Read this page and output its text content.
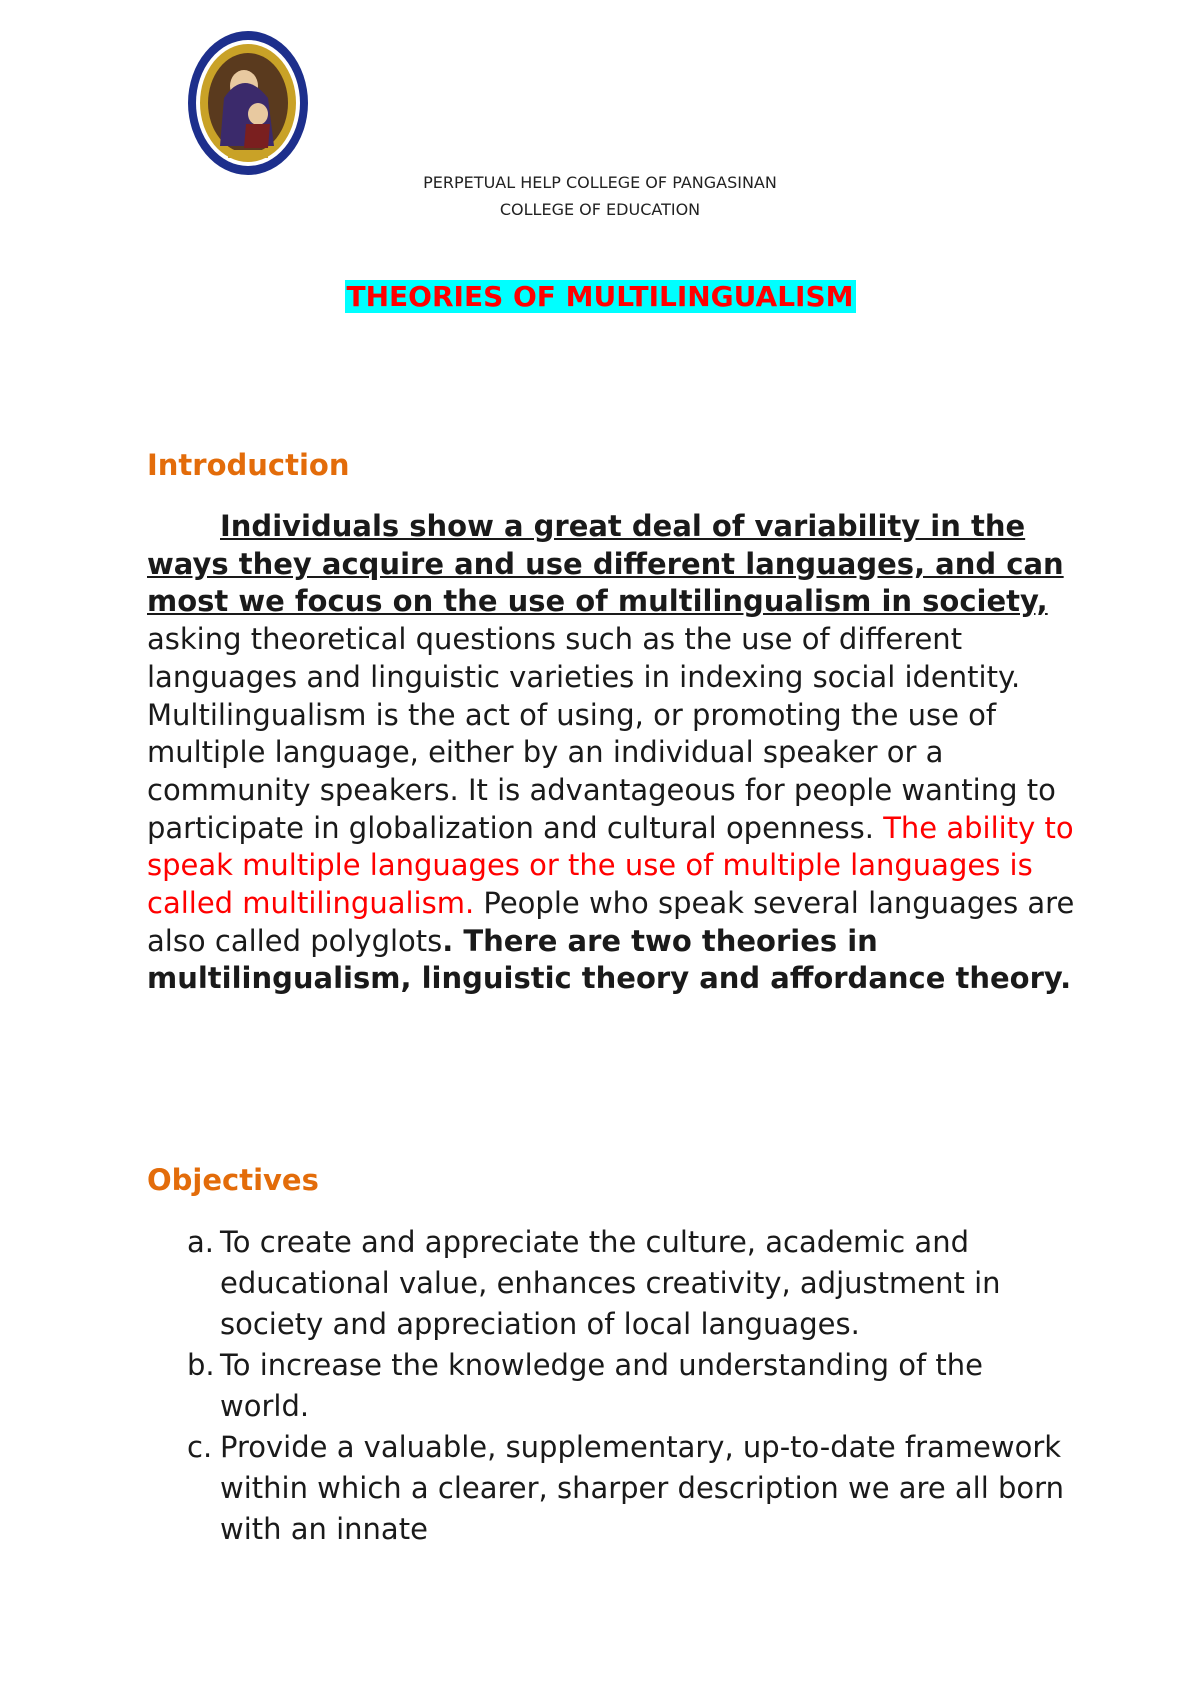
PERPETUAL HELP COLLEGE OF PANGASINAN
COLLEGE OF EDUCATION
THEORIES OF MULTILINGUALISM
Introduction
Individuals show a great deal of variability in the ways they acquire and use different languages, and can most we focus on the use of multilingualism in society, asking theoretical questions such as the use of different languages and linguistic varieties in indexing social identity. Multilingualism is the act of using, or promoting the use of multiple language, either by an individual speaker or a community speakers. It is advantageous for people wanting to participate in globalization and cultural openness. The ability to speak multiple languages or the use of multiple languages is called multilingualism. People who speak several languages are also called polyglots. There are two theories in multilingualism, linguistic theory and affordance theory.
Objectives
a. To create and appreciate the culture, academic and educational value, enhances creativity, adjustment in society and appreciation of local languages.
b. To increase the knowledge and understanding of the world.
c. Provide a valuable, supplementary, up-to-date framework within which a clearer, sharper description we are all born with an innate
